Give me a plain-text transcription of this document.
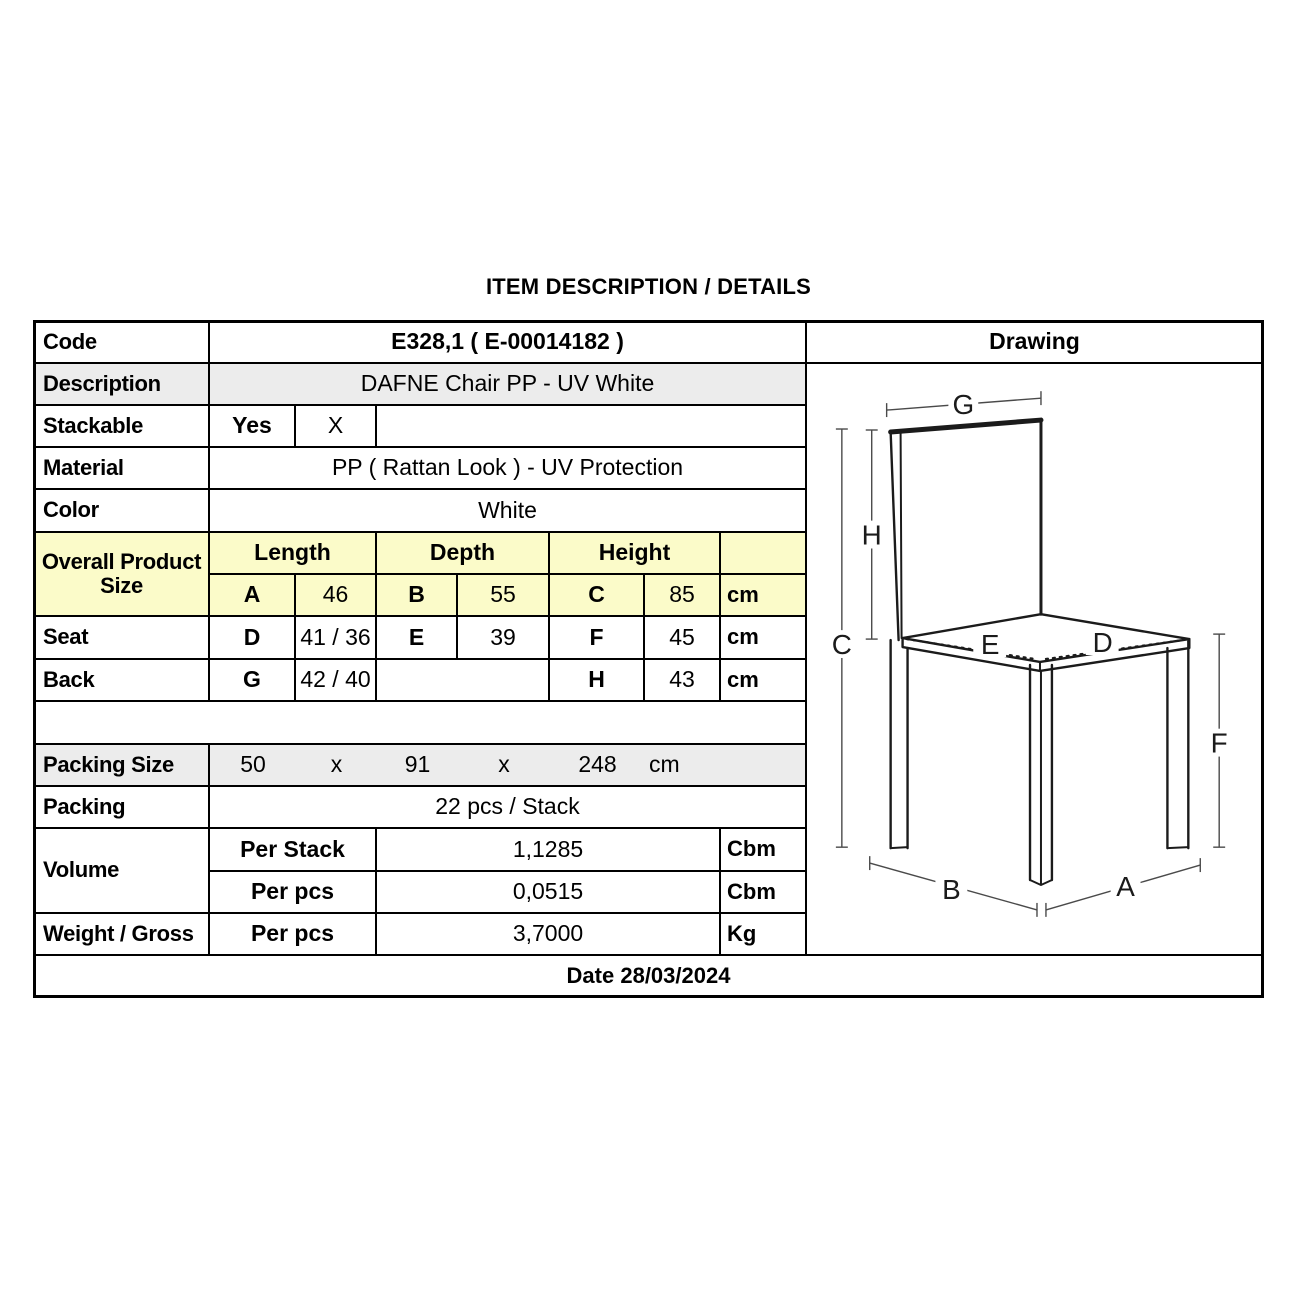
ITEM DESCRIPTION / DETAILS
Code	E328,1 ( E-00014182 )	Drawing
Description	DAFNE Chair PP - UV White
Stackable	Yes	X
Material	PP ( Rattan Look ) - UV Protection
Color	White
Overall Product
Size
Length	Depth	Height
A	46	B	55	C	85	cm
Seat	D	41 / 36	E	39	F	45	cm
Back	G	42 / 40	H	43	cm
Packing Size	50	x	91	x	248	cm
Packing	22 pcs / Stack
Volume
Per Stack	1,1285	Cbm
Per pcs	0,0515	Cbm
Weight / Gross	Per pcs	3,7000	Kg
Date 28/03/2024
G
H
C	E	D
F
B	A
